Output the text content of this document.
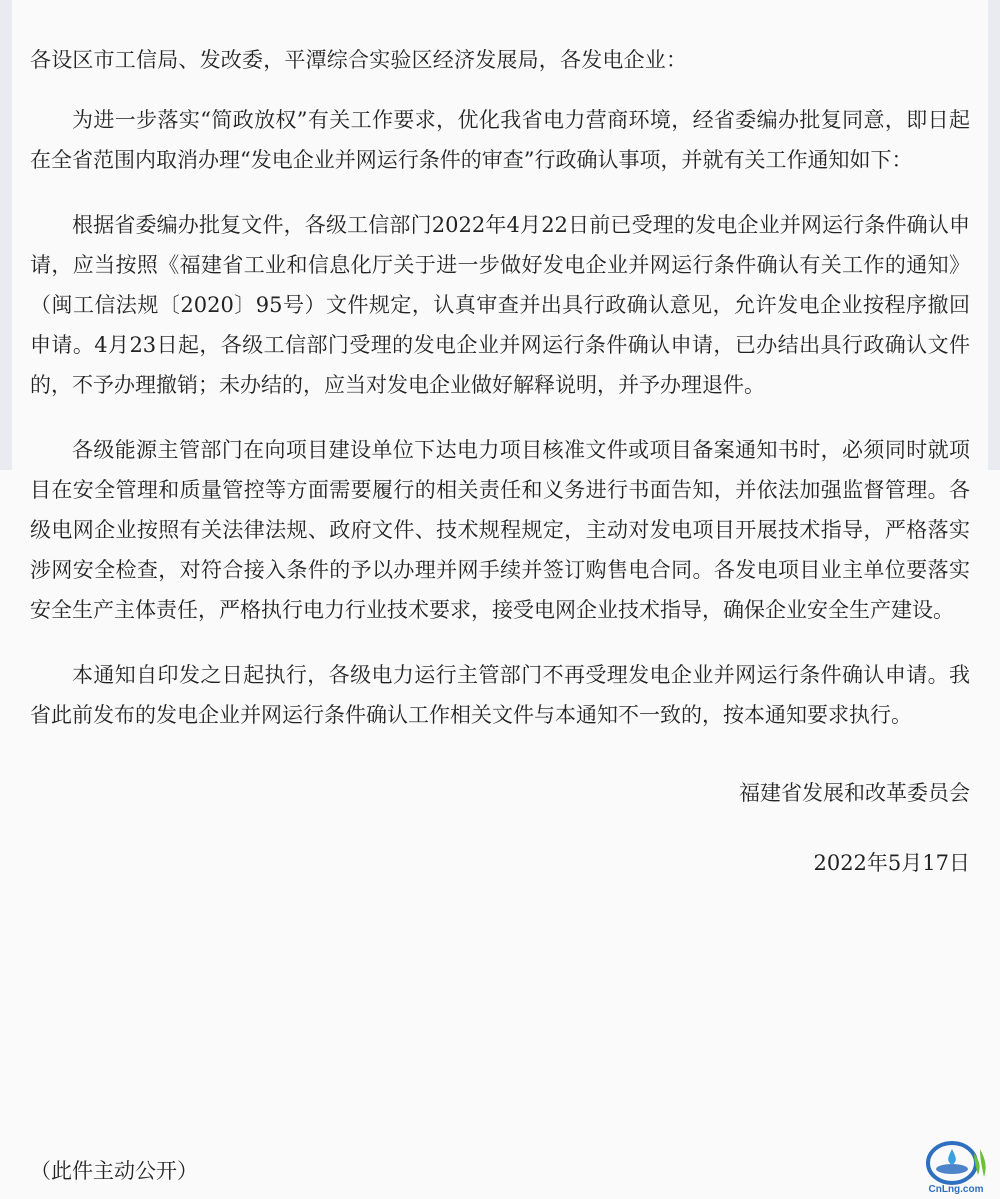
各设区市工信局、发改委，平潭综合实验区经济发展局，各发电企业：

为进一步落实“简政放权”有关工作要求，优化我省电力营商环境，经省委编办批复同意，即日起在全省范围内取消办理“发电企业并网运行条件的审查”行政确认事项，并就有关工作通知如下：

根据省委编办批复文件，各级工信部门2022年4月22日前已受理的发电企业并网运行条件确认申请，应当按照《福建省工业和信息化厅关于进一步做好发电企业并网运行条件确认有关工作的通知》（闽工信法规〔2020〕95号）文件规定，认真审查并出具行政确认意见，允许发电企业按程序撤回申请。4月23日起，各级工信部门受理的发电企业并网运行条件确认申请，已办结出具行政确认文件的，不予办理撤销；未办结的，应当对发电企业做好解释说明，并予办理退件。

各级能源主管部门在向项目建设单位下达电力项目核准文件或项目备案通知书时，必须同时就项目在安全管理和质量管控等方面需要履行的相关责任和义务进行书面告知，并依法加强监督管理。各级电网企业按照有关法律法规、政府文件、技术规程规定，主动对发电项目开展技术指导，严格落实涉网安全检查，对符合接入条件的予以办理并网手续并签订购售电合同。各发电项目业主单位要落实安全生产主体责任，严格执行电力行业技术要求，接受电网企业技术指导，确保企业安全生产建设。

本通知自印发之日起执行，各级电力运行主管部门不再受理发电企业并网运行条件确认申请。我省此前发布的发电企业并网运行条件确认工作相关文件与本通知不一致的，按本通知要求执行。

福建省发展和改革委员会
2022年5月17日
（此件主动公开）
CnLng.com
